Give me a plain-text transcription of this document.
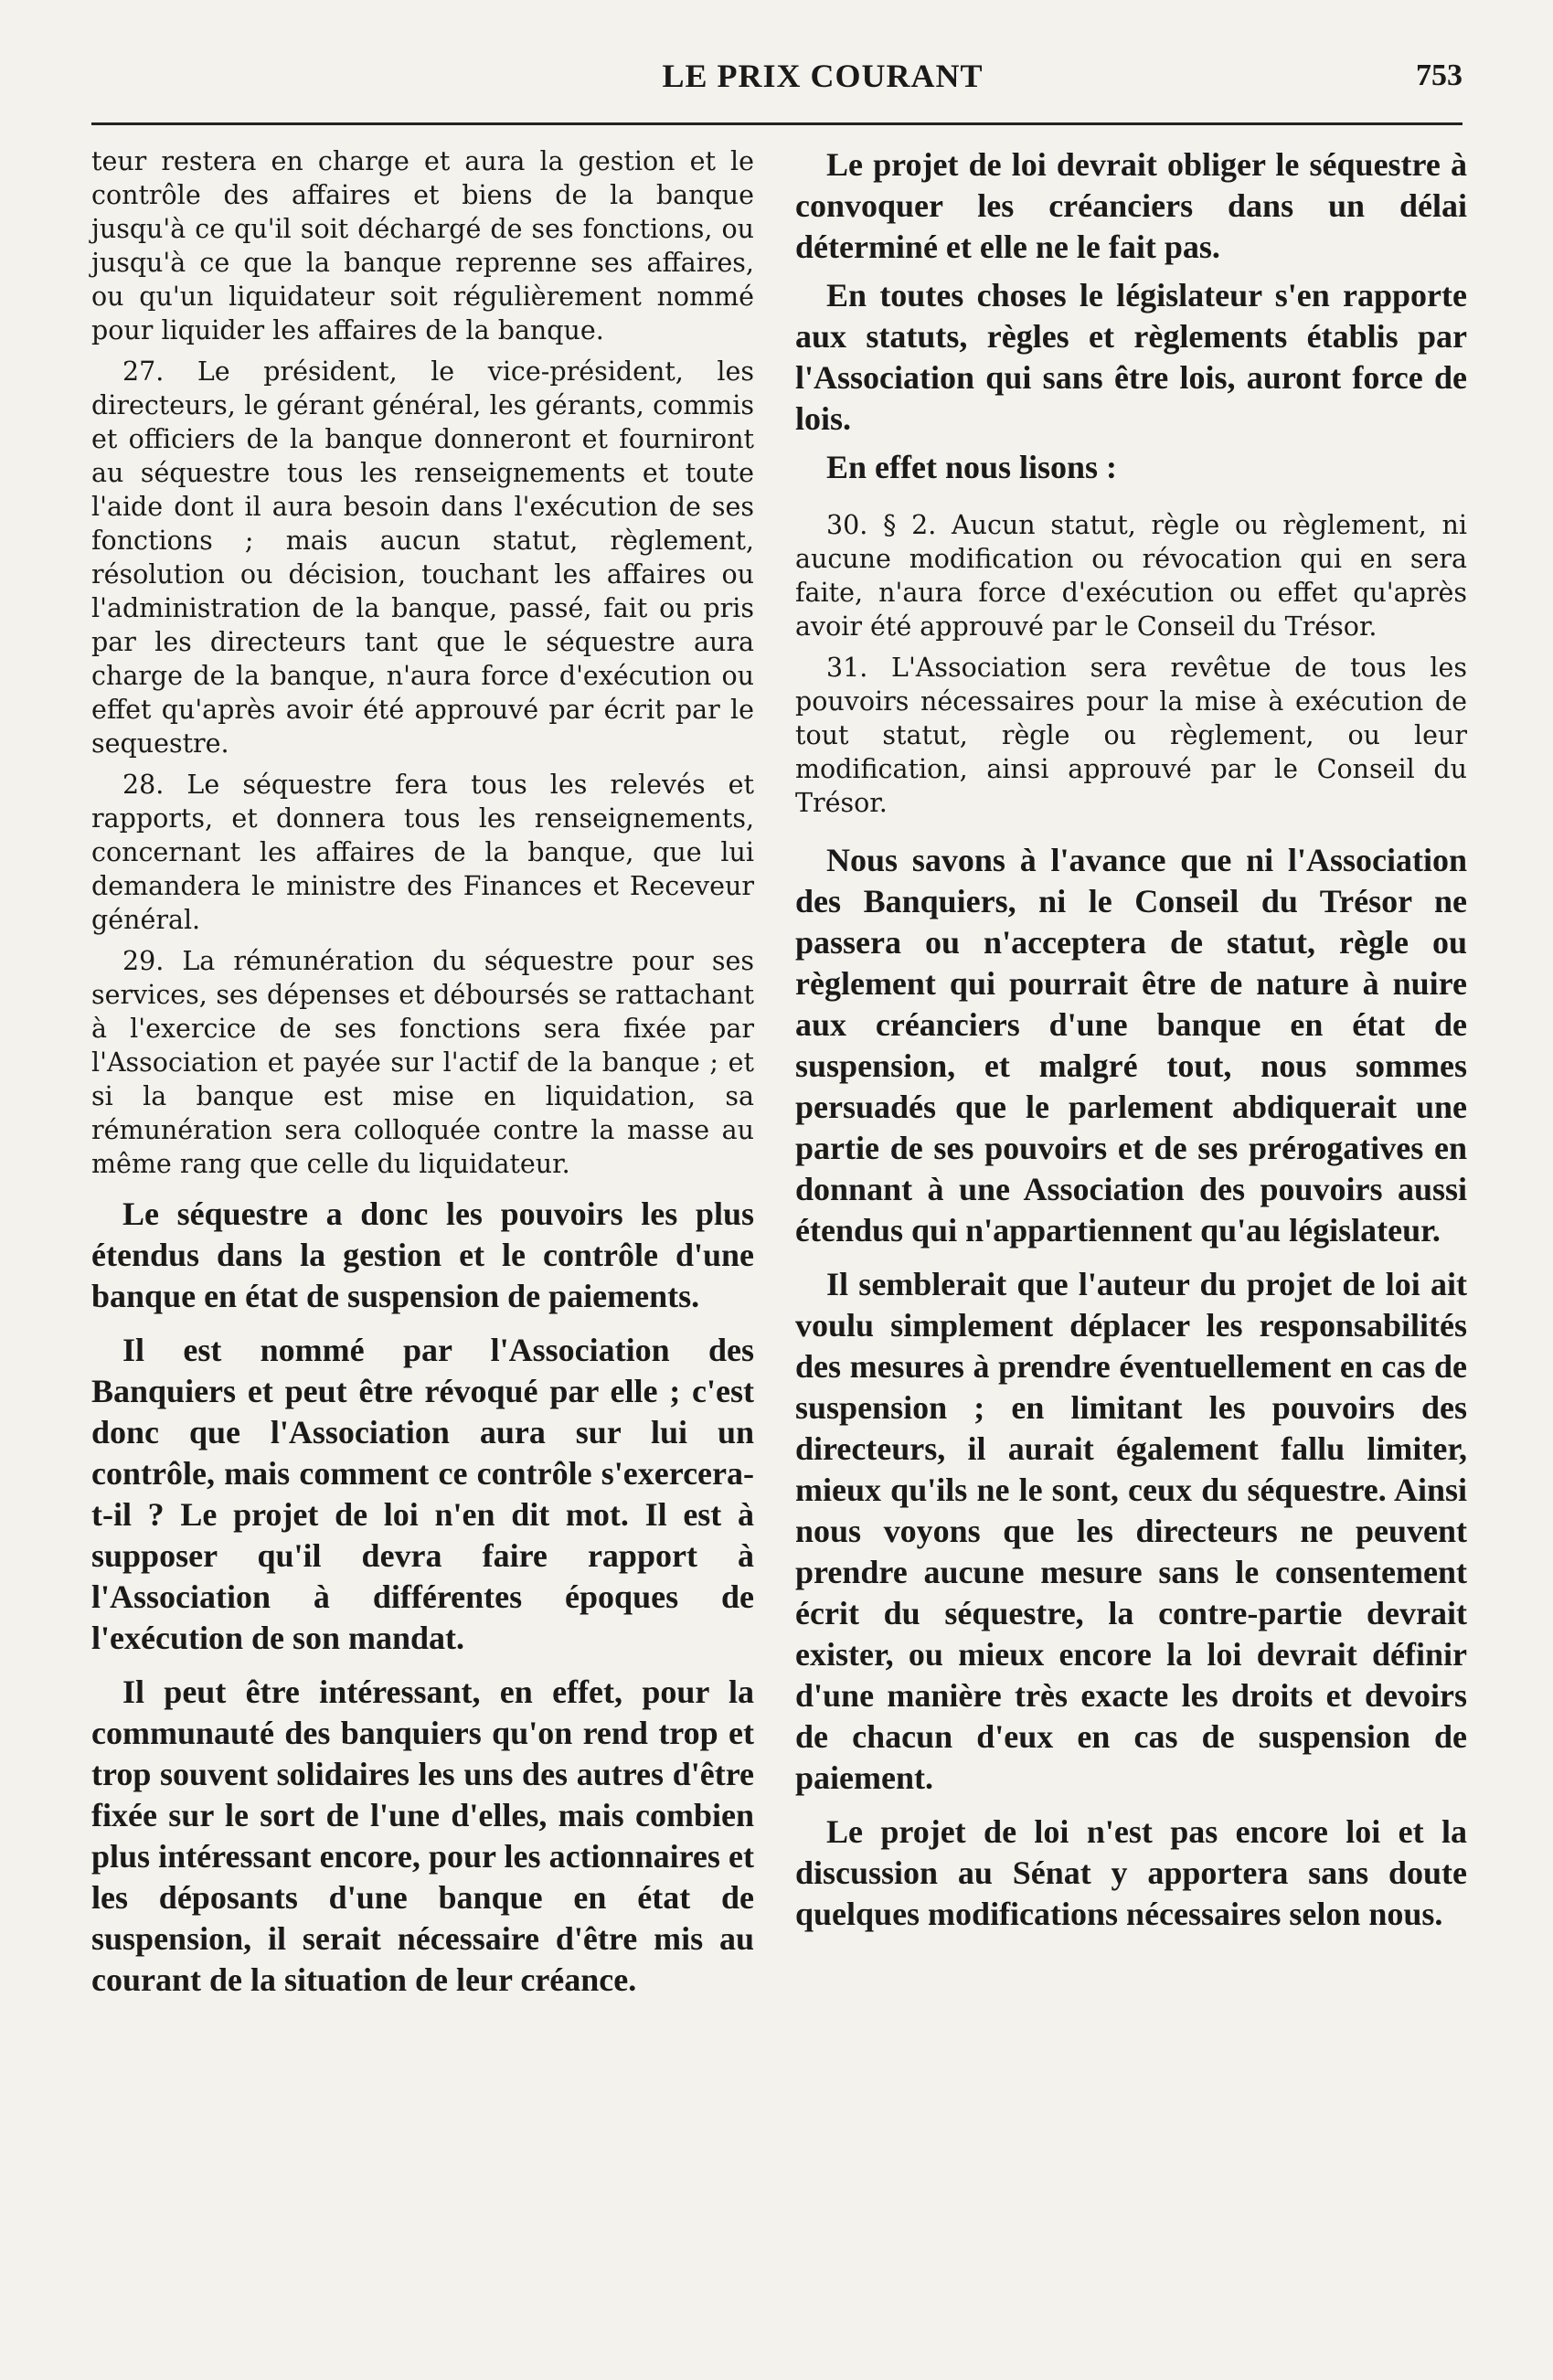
LE PRIX COURANT	753

teur restera en charge et aura la gestion et le contrôle des affaires et biens de la banque jusqu'à ce qu'il soit déchargé de ses fonctions, ou jusqu'à ce que la banque reprenne ses affaires, ou qu'un liquidateur soit régulièrement nommé pour liquider les affaires de la banque.

27. Le président, le vice-président, les directeurs, le gérant général, les gérants, commis et officiers de la banque donneront et fourniront au séquestre tous les renseignements et toute l'aide dont il aura besoin dans l'exécution de ses fonctions ; mais aucun statut, règlement, résolution ou décision, touchant les affaires ou l'administration de la banque, passé, fait ou pris par les directeurs tant que le séquestre aura charge de la banque, n'aura force d'exécution ou effet qu'après avoir été approuvé par écrit par le sequestre.

28. Le séquestre fera tous les relevés et rapports, et donnera tous les renseignements, concernant les affaires de la banque, que lui demandera le ministre des Finances et Receveur général.

29. La rémunération du séquestre pour ses services, ses dépenses et déboursés se rattachant à l'exercice de ses fonctions sera fixée par l'Association et payée sur l'actif de la banque ; et si la banque est mise en liquidation, sa rémunération sera colloquée contre la masse au même rang que celle du liquidateur.

Le séquestre a donc les pouvoirs les plus étendus dans la gestion et le contrôle d'une banque en état de suspension de paiements.

Il est nommé par l'Association des Banquiers et peut être révoqué par elle ; c'est donc que l'Association aura sur lui un contrôle, mais comment ce contrôle s'exercera-t-il ? Le projet de loi n'en dit mot. Il est à supposer qu'il devra faire rapport à l'Association à différentes époques de l'exécution de son mandat.

Il peut être intéressant, en effet, pour la communauté des banquiers qu'on rend trop et trop souvent solidaires les uns des autres d'être fixée sur le sort de l'une d'elles, mais combien plus intéressant encore, pour les actionnaires et les déposants d'une banque en état de suspension, il serait nécessaire d'être mis au courant de la situation de leur créance.

Le projet de loi devrait obliger le séquestre à convoquer les créanciers dans un délai déterminé et elle ne le fait pas.

En toutes choses le législateur s'en rapporte aux statuts, règles et règlements établis par l'Association qui sans être lois, auront force de lois.

En effet nous lisons :

30. § 2. Aucun statut, règle ou règlement, ni aucune modification ou révocation qui en sera faite, n'aura force d'exécution ou effet qu'après avoir été approuvé par le Conseil du Trésor.

31. L'Association sera revêtue de tous les pouvoirs nécessaires pour la mise à exécution de tout statut, règle ou règlement, ou leur modification, ainsi approuvé par le Conseil du Trésor.

Nous savons à l'avance que ni l'Association des Banquiers, ni le Conseil du Trésor ne passera ou n'acceptera de statut, règle ou règlement qui pourrait être de nature à nuire aux créanciers d'une banque en état de suspension, et malgré tout, nous sommes persuadés que le parlement abdiquerait une partie de ses pouvoirs et de ses prérogatives en donnant à une Association des pouvoirs aussi étendus qui n'appartiennent qu'au législateur.

Il semblerait que l'auteur du projet de loi ait voulu simplement déplacer les responsabilités des mesures à prendre éventuellement en cas de suspension ; en limitant les pouvoirs des directeurs, il aurait également fallu limiter, mieux qu'ils ne le sont, ceux du séquestre. Ainsi nous voyons que les directeurs ne peuvent prendre aucune mesure sans le consentement écrit du séquestre, la contre-partie devrait exister, ou mieux encore la loi devrait définir d'une manière très exacte les droits et devoirs de chacun d'eux en cas de suspension de paiement.

Le projet de loi n'est pas encore loi et la discussion au Sénat y apportera sans doute quelques modifications nécessaires selon nous.
